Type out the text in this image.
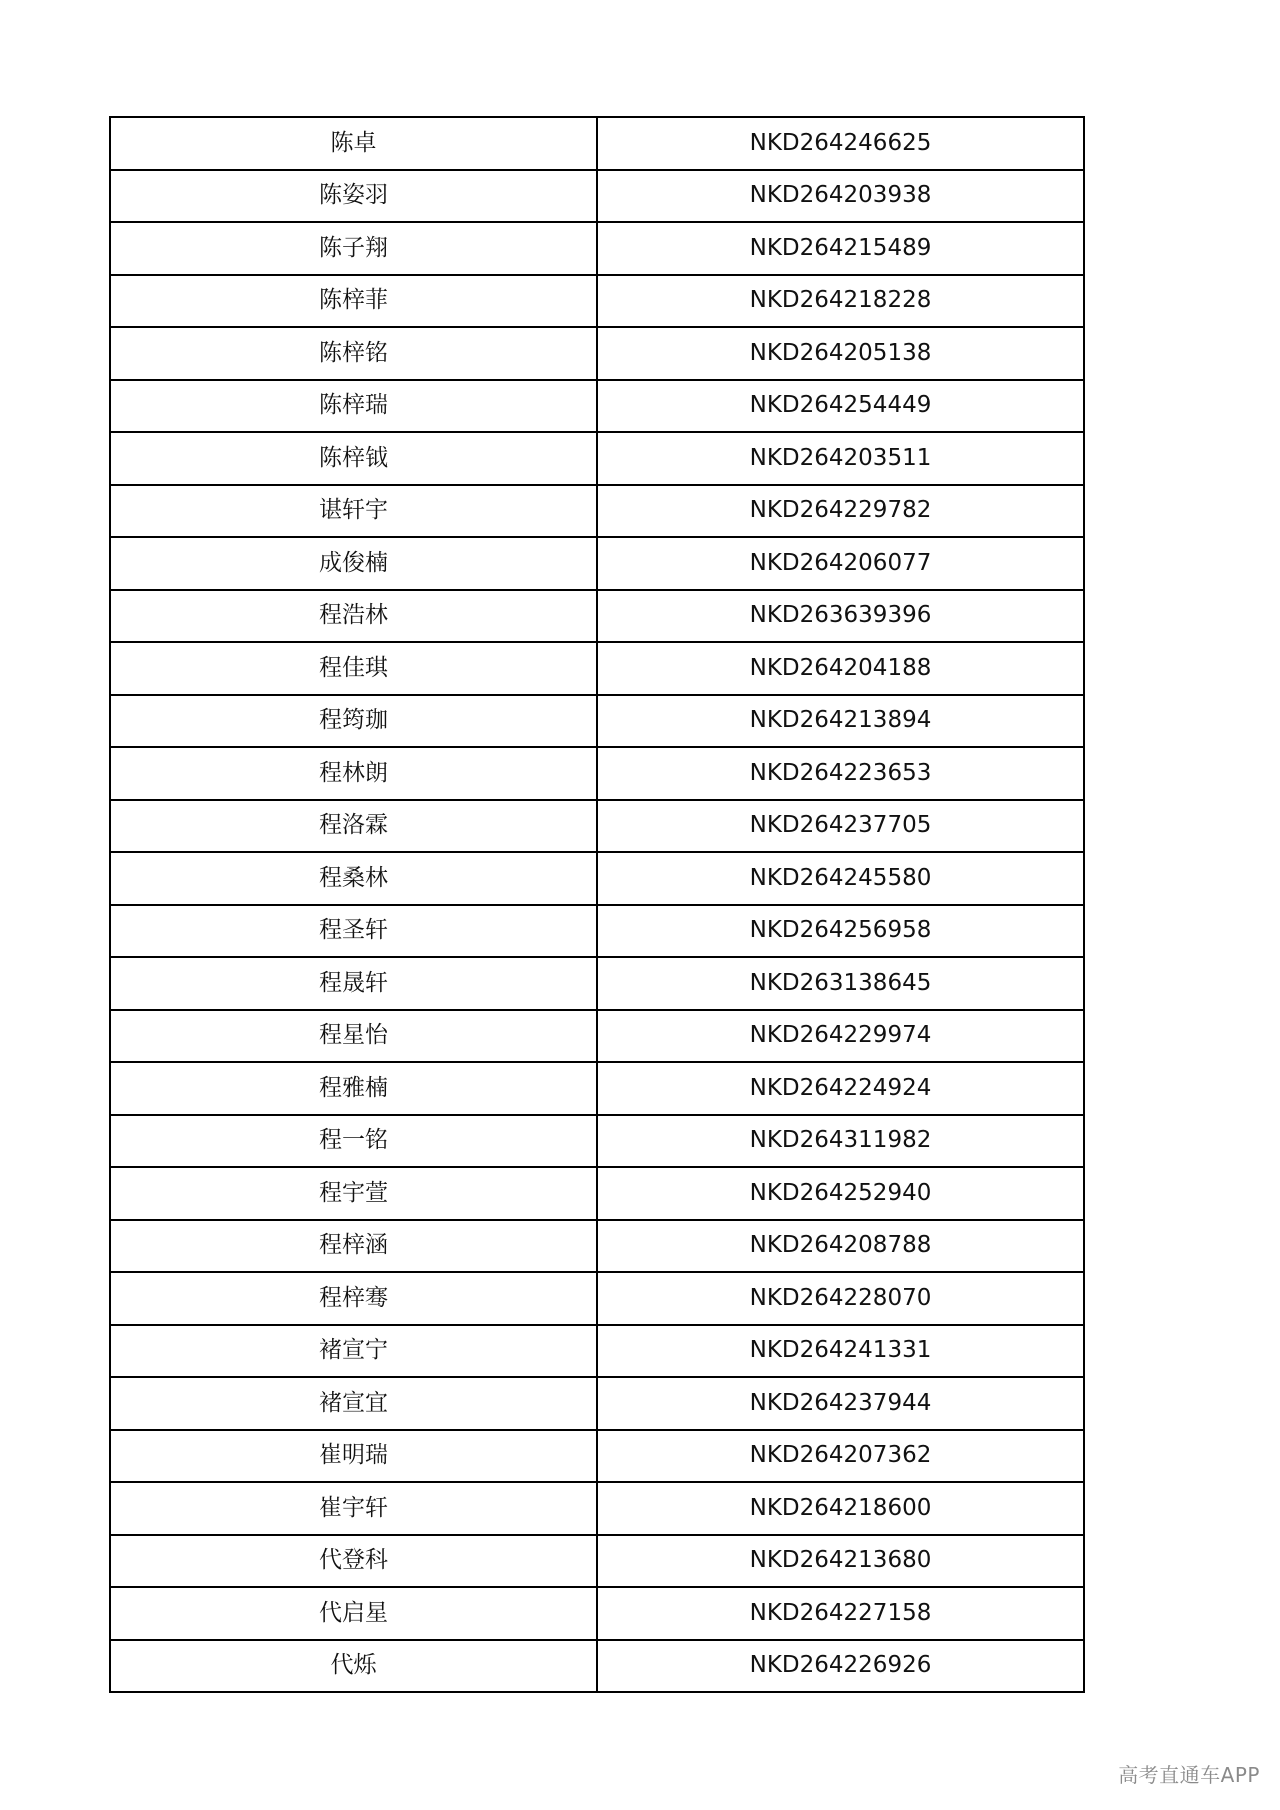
陈卓	NKD264246625
陈姿羽	NKD264203938
陈子翔	NKD264215489
陈梓菲	NKD264218228
陈梓铭	NKD264205138
陈梓瑞	NKD264254449
陈梓钺	NKD264203511
谌轩宇	NKD264229782
成俊楠	NKD264206077
程浩林	NKD263639396
程佳琪	NKD264204188
程筠珈	NKD264213894
程林朗	NKD264223653
程洛霖	NKD264237705
程桑林	NKD264245580
程圣轩	NKD264256958
程晟轩	NKD263138645
程星怡	NKD264229974
程雅楠	NKD264224924
程一铭	NKD264311982
程宇萱	NKD264252940
程梓涵	NKD264208788
程梓骞	NKD264228070
褚宣宁	NKD264241331
褚宣宜	NKD264237944
崔明瑞	NKD264207362
崔宇轩	NKD264218600
代登科	NKD264213680
代启星	NKD264227158
代烁	NKD264226926
高考直通车APP
